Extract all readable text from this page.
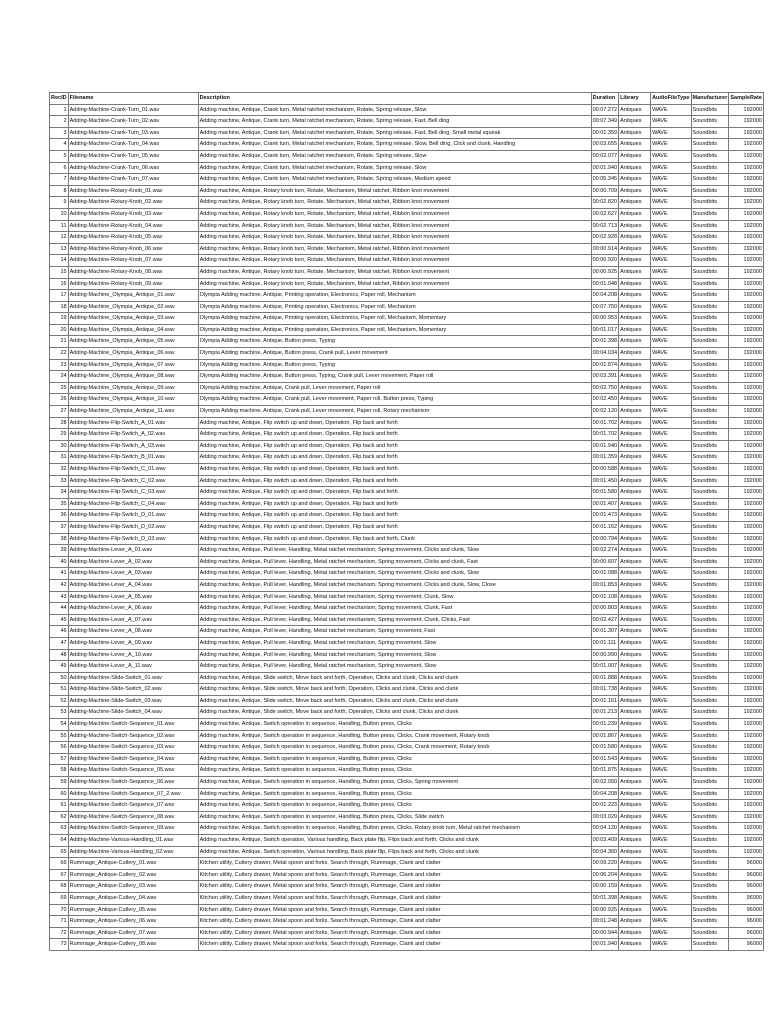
RecID	Filename	Description	Duration	Library	AudioFileType	Manufacturer	SampleRate
1	Adding-Machine-Crank-Turn_01.wav	Adding machine, Antique, Crank turn, Metal ratchet mechanism, Rotate, Spring release, Slow	00:07.272	Antiques	WAVE	Soundbits	192000
2	Adding-Machine-Crank-Turn_02.wav	Adding machine, Antique, Crank turn, Metal ratchet mechanism, Rotate, Spring release, Fast, Bell ding	00:07.349	Antiques	WAVE	Soundbits	192000
3	Adding-Machine-Crank-Turn_03.wav	Adding machine, Antique, Crank turn, Metal ratchet mechanism, Rotate, Spring release, Fast, Bell ding, Small metal squeak	00:01.359	Antiques	WAVE	Soundbits	192000
4	Adding-Machine-Crank-Turn_04.wav	Adding machine, Antique, Crank turn, Metal ratchet mechanism, Rotate, Spring release, Slow, Bell ding, Click and clunk, Handling	00:03.655	Antiques	WAVE	Soundbits	192000
5	Adding-Machine-Crank-Turn_05.wav	Adding machine, Antique, Crank turn, Metal ratchet mechanism, Rotate, Spring release, Slow	00:02.077	Antiques	WAVE	Soundbits	192000
6	Adding-Machine-Crank-Turn_06.wav	Adding machine, Antique, Crank turn, Metal ratchet mechanism, Rotate, Spring release, Slow	00:01.940	Antiques	WAVE	Soundbits	192000
7	Adding-Machine-Crank-Turn_07.wav	Adding machine, Antique, Crank turn, Metal ratchet mechanism, Rotate, Spring release, Medium speed	00:05.345	Antiques	WAVE	Soundbits	192000
8	Adding-Machine-Rotary-Knob_01.wav	Adding machine, Antique, Rotary knob turn, Rotate, Mechanism, Metal ratchet, Ribbon knot movement	00:00.709	Antiques	WAVE	Soundbits	192000
9	Adding-Machine-Rotary-Knob_02.wav	Adding machine, Antique, Rotary knob turn, Rotate, Mechanism, Metal ratchet, Ribbon knot movement	00:02.820	Antiques	WAVE	Soundbits	192000
10	Adding-Machine-Rotary-Knob_03.wav	Adding machine, Antique, Rotary knob turn, Rotate, Mechanism, Metal ratchet, Ribbon knot movement	00:02.627	Antiques	WAVE	Soundbits	192000
11	Adding-Machine-Rotary-Knob_04.wav	Adding machine, Antique, Rotary knob turn, Rotate, Mechanism, Metal ratchet, Ribbon knot movement	00:02.713	Antiques	WAVE	Soundbits	192000
12	Adding-Machine-Rotary-Knob_05.wav	Adding machine, Antique, Rotary knob turn, Rotate, Mechanism, Metal ratchet, Ribbon knot movement	00:02.928	Antiques	WAVE	Soundbits	192000
13	Adding-Machine-Rotary-Knob_06.wav	Adding machine, Antique, Rotary knob turn, Rotate, Mechanism, Metal ratchet, Ribbon knot movement	00:00.914	Antiques	WAVE	Soundbits	192000
14	Adding-Machine-Rotary-Knob_07.wav	Adding machine, Antique, Rotary knob turn, Rotate, Mechanism, Metal ratchet, Ribbon knot movement	00:00.920	Antiques	WAVE	Soundbits	192000
15	Adding-Machine-Rotary-Knob_08.wav	Adding machine, Antique, Rotary knob turn, Rotate, Mechanism, Metal ratchet, Ribbon knot movement	00:00.925	Antiques	WAVE	Soundbits	192000
16	Adding-Machine-Rotary-Knob_09.wav	Adding machine, Antique, Rotary knob turn, Rotate, Mechanism, Metal ratchet, Ribbon knot movement	00:01.048	Antiques	WAVE	Soundbits	192000
17	Adding-Machine_Olympia_Antique_01.wav	Olympia Adding machine, Antique, Printing operation, Electronics, Paper roll, Mechanism	00:04.208	Antiques	WAVE	Soundbits	192000
18	Adding-Machine_Olympia_Antique_02.wav	Olympia Adding machine, Antique, Printing operation, Electronics, Paper roll, Mechanism	00:07.750	Antiques	WAVE	Soundbits	192000
19	Adding-Machine_Olympia_Antique_03.wav	Olympia Adding machine, Antique, Printing operation, Electronics, Paper roll, Mechanism, Momentary	00:00.953	Antiques	WAVE	Soundbits	192000
20	Adding-Machine_Olympia_Antique_04.wav	Olympia Adding machine, Antique, Printing operation, Electronics, Paper roll, Mechanism, Momentary	00:01.017	Antiques	WAVE	Soundbits	192000
21	Adding-Machine_Olympia_Antique_05.wav	Olympia Adding machine, Antique, Button press, Typing	00:01.398	Antiques	WAVE	Soundbits	192000
22	Adding-Machine_Olympia_Antique_06.wav	Olympia Adding machine, Antique, Button press, Crank pull, Lever movement	00:04.034	Antiques	WAVE	Soundbits	192000
23	Adding-Machine_Olympia_Antique_07.wav	Olympia Adding machine, Antique, Button press, Typing	00:01.874	Antiques	WAVE	Soundbits	192000
24	Adding-Machine_Olympia_Antique_08.wav	Olympia Adding machine, Antique, Button press, Typing, Crank pull, Lever movement, Paper roll	00:03.391	Antiques	WAVE	Soundbits	192000
25	Adding-Machine_Olympia_Antique_09.wav	Olympia Adding machine, Antique, Crank pull, Lever movement, Paper roll	00:02.750	Antiques	WAVE	Soundbits	192000
26	Adding-Machine_Olympia_Antique_10.wav	Olympia Adding machine, Antique, Crank pull, Lever movement, Paper roll, Button press, Typing	00:02.450	Antiques	WAVE	Soundbits	192000
27	Adding-Machine_Olympia_Antique_11.wav	Olympia Adding machine, Antique, Crank pull, Lever movement, Paper roll, Rotary mechanism	00:02.120	Antiques	WAVE	Soundbits	192000
28	Adding-Machine-Flip-Switch_A_01.wav	Adding machine, Antique, Flip switch up and down, Operation, Flip back and forth	00:01.702	Antiques	WAVE	Soundbits	192000
29	Adding-Machine-Flip-Switch_A_02.wav	Adding machine, Antique, Flip switch up and down, Operation, Flip back and forth	00:01.702	Antiques	WAVE	Soundbits	192000
30	Adding-Machine-Flip-Switch_A_03.wav	Adding machine, Antique, Flip switch up and down, Operation, Flip back and forth	00:01.940	Antiques	WAVE	Soundbits	192000
31	Adding-Machine-Flip-Switch_B_01.wav	Adding machine, Antique, Flip switch up and down, Operation, Flip back and forth	00:01.359	Antiques	WAVE	Soundbits	192000
32	Adding-Machine-Flip-Switch_C_01.wav	Adding machine, Antique, Flip switch up and down, Operation, Flip back and forth	00:00.588	Antiques	WAVE	Soundbits	192000
33	Adding-Machine-Flip-Switch_C_02.wav	Adding machine, Antique, Flip switch up and down, Operation, Flip back and forth	00:01.450	Antiques	WAVE	Soundbits	192000
34	Adding-Machine-Flip-Switch_C_03.wav	Adding machine, Antique, Flip switch up and down, Operation, Flip back and forth	00:01.580	Antiques	WAVE	Soundbits	192000
35	Adding-Machine-Flip-Switch_C_04.wav	Adding machine, Antique, Flip switch up and down, Operation, Flip back and forth	00:01.407	Antiques	WAVE	Soundbits	192000
36	Adding-Machine-Flip-Switch_D_01.wav	Adding machine, Antique, Flip switch up and down, Operation, Flip back and forth	00:01.473	Antiques	WAVE	Soundbits	192000
37	Adding-Machine-Flip-Switch_D_02.wav	Adding machine, Antique, Flip switch up and down, Operation, Flip back and forth	00:01.162	Antiques	WAVE	Soundbits	192000
38	Adding-Machine-Flip-Switch_D_03.wav	Adding machine, Antique, Flip switch up and down, Operation, Flip back and forth, Clunk	00:00.794	Antiques	WAVE	Soundbits	192000
39	Adding-Machine-Lever_A_01.wav	Adding machine, Antique, Pull lever, Handling, Metal ratchet mechanism, Spring movement, Clicks and clunk, Slow	00:02.274	Antiques	WAVE	Soundbits	192000
40	Adding-Machine-Lever_A_02.wav	Adding machine, Antique, Pull lever, Handling, Metal ratchet mechanism, Spring movement, Clicks and clunk, Fast	00:00.607	Antiques	WAVE	Soundbits	192000
41	Adding-Machine-Lever_A_03.wav	Adding machine, Antique, Pull lever, Handling, Metal ratchet mechanism, Spring movement, Clicks and clunk, Slow	00:01.088	Antiques	WAVE	Soundbits	192000
42	Adding-Machine-Lever_A_04.wav	Adding machine, Antique, Pull lever, Handling, Metal ratchet mechanism, Spring movement, Clicks and clunk, Slow, Close	00:01.853	Antiques	WAVE	Soundbits	192000
43	Adding-Machine-Lever_A_05.wav	Adding machine, Antique, Pull lever, Handling, Metal ratchet mechanism, Spring movement, Clunk, Slow	00:01.108	Antiques	WAVE	Soundbits	192000
44	Adding-Machine-Lever_A_06.wav	Adding machine, Antique, Pull lever, Handling, Metal ratchet mechanism, Spring movement, Clunk, Fast	00:00.803	Antiques	WAVE	Soundbits	192000
45	Adding-Machine-Lever_A_07.wav	Adding machine, Antique, Pull lever, Handling, Metal ratchet mechanism, Spring movement, Clunk, Clicks, Fast	00:02.427	Antiques	WAVE	Soundbits	192000
46	Adding-Machine-Lever_A_08.wav	Adding machine, Antique, Pull lever, Handling, Metal ratchet mechanism, Spring movement, Fast	00:01.307	Antiques	WAVE	Soundbits	192000
47	Adding-Machine-Lever_A_09.wav	Adding machine, Antique, Pull lever, Handling, Metal ratchet mechanism, Spring movement, Slow	00:01.111	Antiques	WAVE	Soundbits	192000
48	Adding-Machine-Lever_A_10.wav	Adding machine, Antique, Pull lever, Handling, Metal ratchet mechanism, Spring movement, Slow	00:00.990	Antiques	WAVE	Soundbits	192000
49	Adding-Machine-Lever_A_11.wav	Adding machine, Antique, Pull lever, Handling, Metal ratchet mechanism, Spring movement, Slow	00:01.007	Antiques	WAVE	Soundbits	192000
50	Adding-Machine-Slide-Switch_01.wav	Adding machine, Antique, Slide switch, Move back and forth, Operation, Clicks and clunk, Clicks and clunk	00:01.888	Antiques	WAVE	Soundbits	192000
51	Adding-Machine-Slide-Switch_02.wav	Adding machine, Antique, Slide switch, Move back and forth, Operation, Clicks and clunk, Clicks and clunk	00:01.738	Antiques	WAVE	Soundbits	192000
52	Adding-Machine-Slide-Switch_03.wav	Adding machine, Antique, Slide switch, Move back and forth, Operation, Clicks and clunk, Clicks and clunk	00:01.161	Antiques	WAVE	Soundbits	192000
53	Adding-Machine-Slide-Switch_04.wav	Adding machine, Antique, Slide switch, Move back and forth, Operation, Clicks and clunk, Clicks and clunk	00:01.213	Antiques	WAVE	Soundbits	192000
54	Adding-Machine-Switch-Sequence_01.wav	Adding machine, Antique, Switch operation in sequence, Handling, Button press, Clicks	00:01.239	Antiques	WAVE	Soundbits	192000
55	Adding-Machine-Switch-Sequence_02.wav	Adding machine, Antique, Switch operation in sequence, Handling, Button press, Clicks, Crank movement, Rotary knob	00:01.867	Antiques	WAVE	Soundbits	192000
56	Adding-Machine-Switch-Sequence_03.wav	Adding machine, Antique, Switch operation in sequence, Handling, Button press, Clicks, Crank movement, Rotary knob	00:01.580	Antiques	WAVE	Soundbits	192000
57	Adding-Machine-Switch-Sequence_04.wav	Adding machine, Antique, Switch operation in sequence, Handling, Button press, Clicks	00:01.543	Antiques	WAVE	Soundbits	192000
58	Adding-Machine-Switch-Sequence_05.wav	Adding machine, Antique, Switch operation in sequence, Handling, Button press, Clicks	00:01.875	Antiques	WAVE	Soundbits	192000
59	Adding-Machine-Switch-Sequence_06.wav	Adding machine, Antique, Switch operation in sequence, Handling, Button press, Clicks, Spring movement	00:02.050	Antiques	WAVE	Soundbits	192000
60	Adding-Machine-Switch-Sequence_07_2.wav	Adding machine, Antique, Switch operation in sequence, Handling, Button press, Clicks	00:04.208	Antiques	WAVE	Soundbits	192000
61	Adding-Machine-Switch-Sequence_07.wav	Adding machine, Antique, Switch operation in sequence, Handling, Button press, Clicks	00:01.223	Antiques	WAVE	Soundbits	192000
62	Adding-Machine-Switch-Sequence_08.wav	Adding machine, Antique, Switch operation in sequence, Handling, Button press, Clicks, Slide switch	00:03.029	Antiques	WAVE	Soundbits	192000
63	Adding-Machine-Switch-Sequence_09.wav	Adding machine, Antique, Switch operation in sequence, Handling, Button press, Clicks, Rotary knob turn, Metal ratchet mechanism	00:04.120	Antiques	WAVE	Soundbits	192000
64	Adding-Machine-Various-Handling_01.wav	Adding machine, Antique, Switch operation, Various handling, Back plate flip, Flips back and forth, Clicks and clunk	00:03.409	Antiques	WAVE	Soundbits	192000
65	Adding-Machine-Various-Handling_02.wav	Adding machine, Antique, Switch operation, Various handling, Back plate flip, Flips back and forth, Clicks and clunk	00:04.360	Antiques	WAVE	Soundbits	192000
66	Rummage_Antique-Cutlery_01.wav	Kitchen utility, Cutlery drawer, Metal spoon and forks, Search through, Rummage, Clank and clatter	00:09.220	Antiques	WAVE	Soundbits	96000
67	Rummage_Antique-Cutlery_02.wav	Kitchen utility, Cutlery drawer, Metal spoon and forks, Search through, Rummage, Clank and clatter	00:06.204	Antiques	WAVE	Soundbits	96000
68	Rummage_Antique-Cutlery_03.wav	Kitchen utility, Cutlery drawer, Metal spoon and forks, Search through, Rummage, Clank and clatter	00:00.159	Antiques	WAVE	Soundbits	96000
69	Rummage_Antique-Cutlery_04.wav	Kitchen utility, Cutlery drawer, Metal spoon and forks, Search through, Rummage, Clank and clatter	00:01.398	Antiques	WAVE	Soundbits	96000
70	Rummage_Antique-Cutlery_05.wav	Kitchen utility, Cutlery drawer, Metal spoon and forks, Search through, Rummage, Clank and clatter	00:00.925	Antiques	WAVE	Soundbits	96000
71	Rummage_Antique-Cutlery_06.wav	Kitchen utility, Cutlery drawer, Metal spoon and forks, Search through, Rummage, Clank and clatter	00:01.248	Antiques	WAVE	Soundbits	96000
72	Rummage_Antique-Cutlery_07.wav	Kitchen utility, Cutlery drawer, Metal spoon and forks, Search through, Rummage, Clank and clatter	00:00.944	Antiques	WAVE	Soundbits	96000
73	Rummage_Antique-Cutlery_08.wav	Kitchen utility, Cutlery drawer, Metal spoon and forks, Search through, Rummage, Clank and clatter	00:01.940	Antiques	WAVE	Soundbits	96000
